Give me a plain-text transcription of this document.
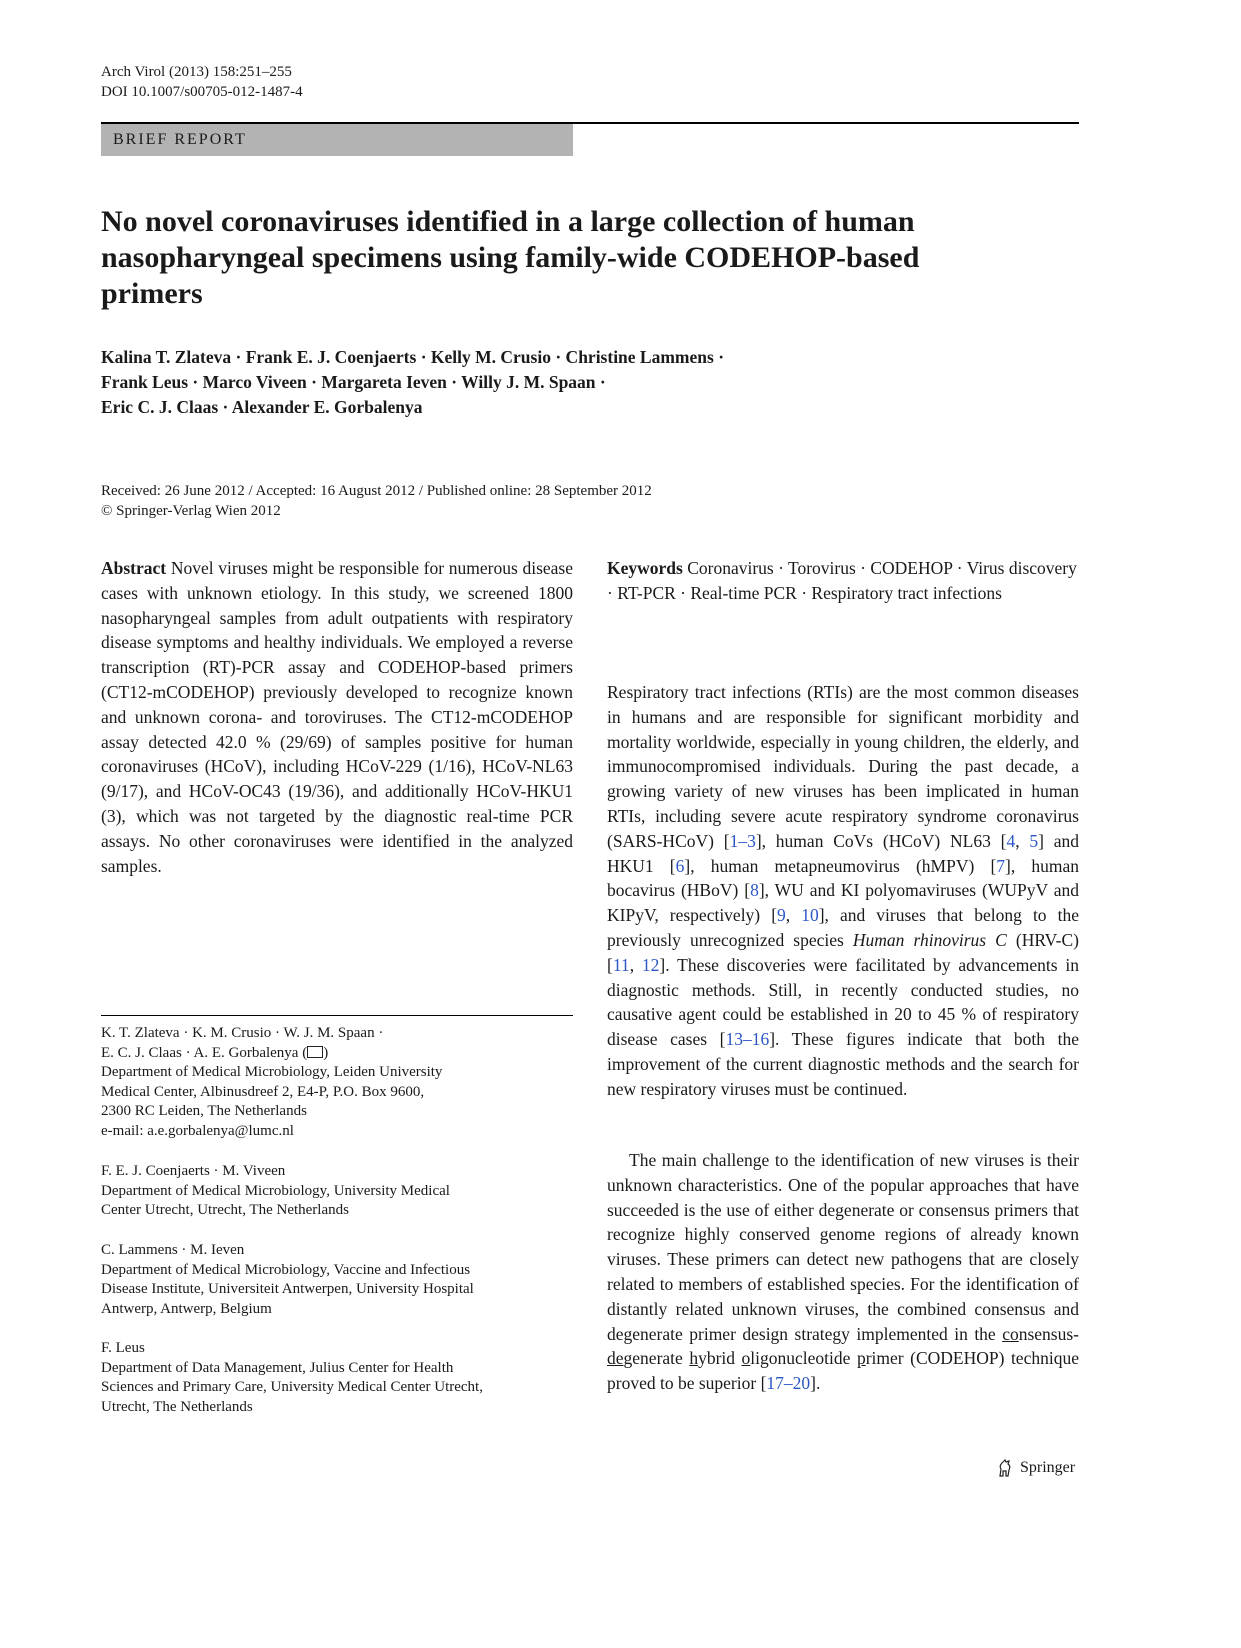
Arch Virol (2013) 158:251–255
DOI 10.1007/s00705-012-1487-4
BRIEF REPORT
No novel coronaviruses identified in a large collection of human nasopharyngeal specimens using family-wide CODEHOP-based primers
Kalina T. Zlateva · Frank E. J. Coenjaerts · Kelly M. Crusio · Christine Lammens ·
Frank Leus · Marco Viveen · Margareta Ieven · Willy J. M. Spaan ·
Eric C. J. Claas · Alexander E. Gorbalenya
Received: 26 June 2012 / Accepted: 16 August 2012 / Published online: 28 September 2012
© Springer-Verlag Wien 2012
Abstract Novel viruses might be responsible for numerous disease cases with unknown etiology. In this study, we screened 1800 nasopharyngeal samples from adult outpatients with respiratory disease symptoms and healthy individuals. We employed a reverse transcription (RT)-PCR assay and CODEHOP-based primers (CT12-mCODEHOP) previously developed to recognize known and unknown corona- and toroviruses. The CT12-mCODEHOP assay detected 42.0 % (29/69) of samples positive for human coronaviruses (HCoV), including HCoV-229 (1/16), HCoV-NL63 (9/17), and HCoV-OC43 (19/36), and additionally HCoV-HKU1 (3), which was not targeted by the diagnostic real-time PCR assays. No other coronaviruses were identified in the analyzed samples.
Keywords Coronavirus · Torovirus · CODEHOP · Virus discovery · RT-PCR · Real-time PCR · Respiratory tract infections
Respiratory tract infections (RTIs) are the most common diseases in humans and are responsible for significant morbidity and mortality worldwide, especially in young children, the elderly, and immunocompromised individuals. During the past decade, a growing variety of new viruses has been implicated in human RTIs, including severe acute respiratory syndrome coronavirus (SARS-HCoV) [1–3], human CoVs (HCoV) NL63 [4, 5] and HKU1 [6], human metapneumovirus (hMPV) [7], human bocavirus (HBoV) [8], WU and KI polyomaviruses (WUPyV and KIPyV, respectively) [9, 10], and viruses that belong to the previously unrecognized species Human rhinovirus C (HRV-C) [11, 12]. These discoveries were facilitated by advancements in diagnostic methods. Still, in recently conducted studies, no causative agent could be established in 20 to 45 % of respiratory disease cases [13–16]. These figures indicate that both the improvement of the current diagnostic methods and the search for new respiratory viruses must be continued.
The main challenge to the identification of new viruses is their unknown characteristics. One of the popular approaches that have succeeded is the use of either degenerate or consensus primers that recognize highly conserved genome regions of already known viruses. These primers can detect new pathogens that are closely related to members of established species. For the identification of distantly related unknown viruses, the combined consensus and degenerate primer design strategy implemented in the consensus-degenerate hybrid oligonucleotide primer (CODEHOP) technique proved to be superior [17–20].
K. T. Zlateva · K. M. Crusio · W. J. M. Spaan ·
E. C. J. Claas · A. E. Gorbalenya ( )
Department of Medical Microbiology, Leiden University
Medical Center, Albinusdreef 2, E4-P, P.O. Box 9600,
2300 RC Leiden, The Netherlands
e-mail: a.e.gorbalenya@lumc.nl
F. E. J. Coenjaerts · M. Viveen
Department of Medical Microbiology, University Medical
Center Utrecht, Utrecht, The Netherlands
C. Lammens · M. Ieven
Department of Medical Microbiology, Vaccine and Infectious
Disease Institute, Universiteit Antwerpen, University Hospital
Antwerp, Antwerp, Belgium
F. Leus
Department of Data Management, Julius Center for Health
Sciences and Primary Care, University Medical Center Utrecht,
Utrecht, The Netherlands
Springer
